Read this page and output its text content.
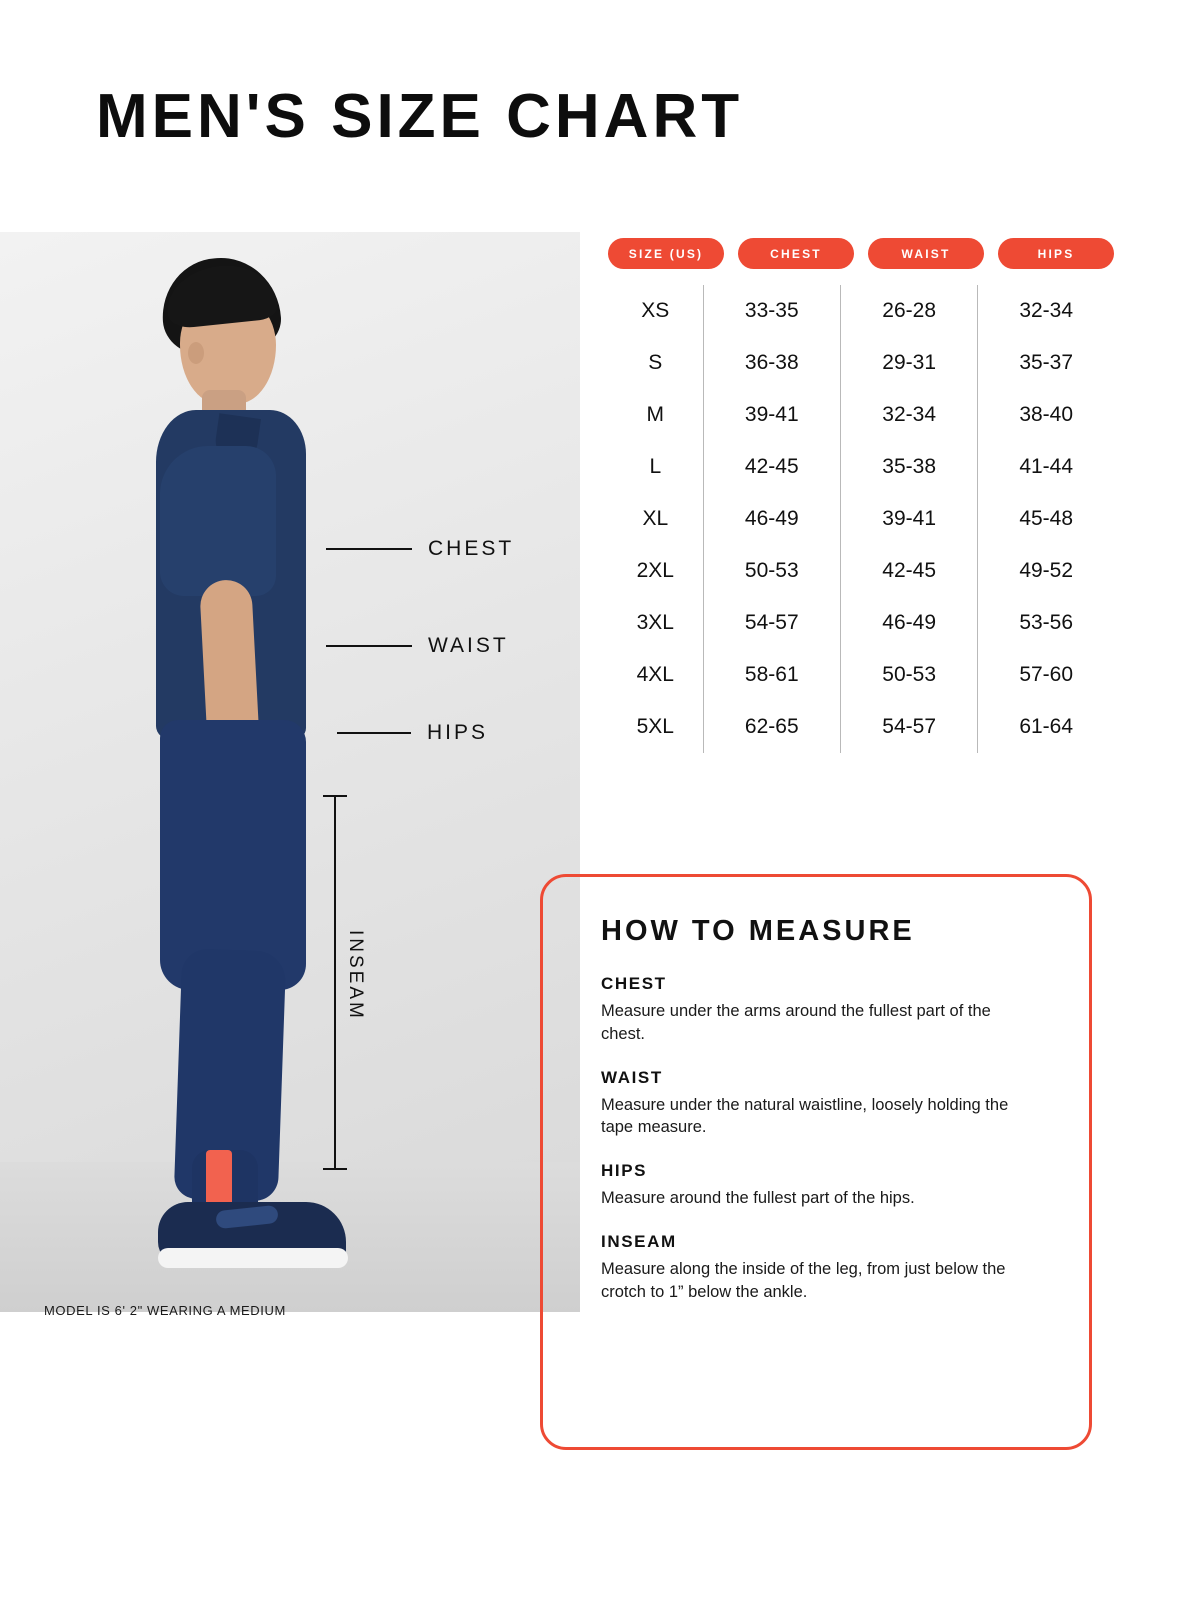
MEN'S SIZE CHART
MODEL IS 6' 2" WEARING A MEDIUM
CHEST
WAIST
HIPS
INSEAM
SIZE (US)	CHEST	WAIST	HIPS
XS	33-35	26-28	32-34
S	36-38	29-31	35-37
M	39-41	32-34	38-40
L	42-45	35-38	41-44
XL	46-49	39-41	45-48
2XL	50-53	42-45	49-52
3XL	54-57	46-49	53-56
4XL	58-61	50-53	57-60
5XL	62-65	54-57	61-64
HOW TO MEASURE
CHEST

Measure under the arms around the fullest part of the chest.

WAIST

Measure under the natural waistline, loosely holding the tape measure.

HIPS

Measure around the fullest part of the hips.

INSEAM

Measure along the inside of the leg, from just below the crotch to 1” below the ankle.
